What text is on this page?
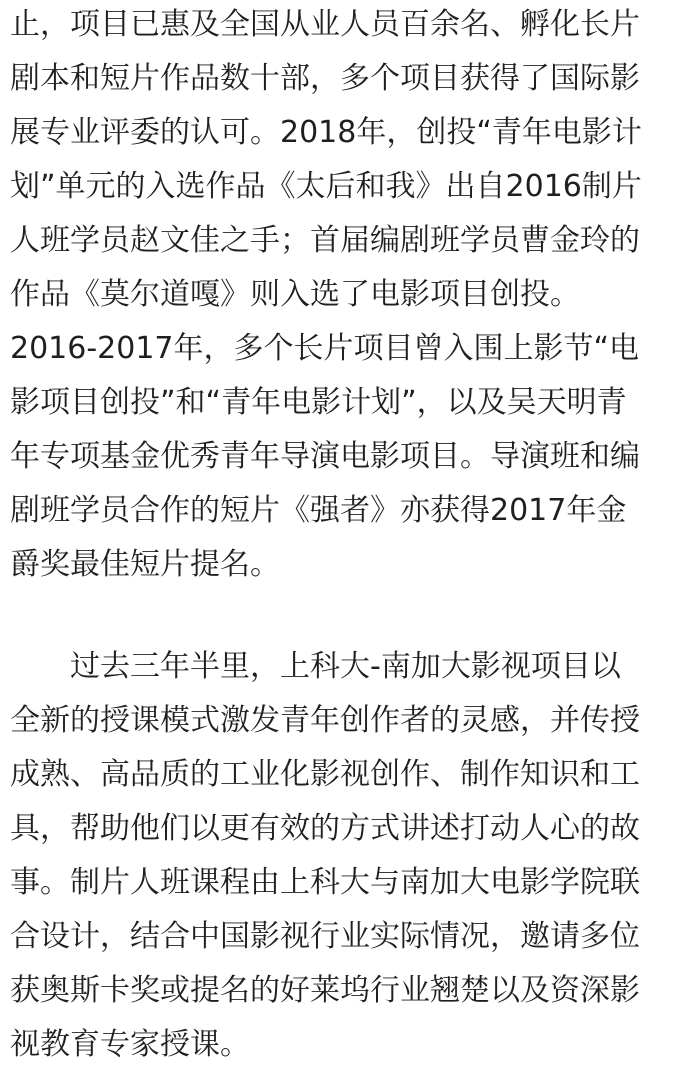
止，项目已惠及全国从业人员百余名、孵化长片
剧本和短片作品数十部，多个项目获得了国际影
展专业评委的认可。2018年，创投“青年电影计
划”单元的入选作品《太后和我》出自2016制片
人班学员赵文佳之手；首届编剧班学员曹金玲的
作品《莫尔道嘎》则入选了电影项目创投。
2016-2017年，多个长片项目曾入围上影节“电
影项目创投”和“青年电影计划”，以及吴天明青
年专项基金优秀青年导演电影项目。导演班和编
剧班学员合作的短片《强者》亦获得2017年金
爵奖最佳短片提名。
过去三年半里，上科大-南加大影视项目以
全新的授课模式激发青年创作者的灵感，并传授
成熟、高品质的工业化影视创作、制作知识和工
具，帮助他们以更有效的方式讲述打动人心的故
事。制片人班课程由上科大与南加大电影学院联
合设计，结合中国影视行业实际情况，邀请多位
获奥斯卡奖或提名的好莱坞行业翘楚以及资深影
视教育专家授课。
